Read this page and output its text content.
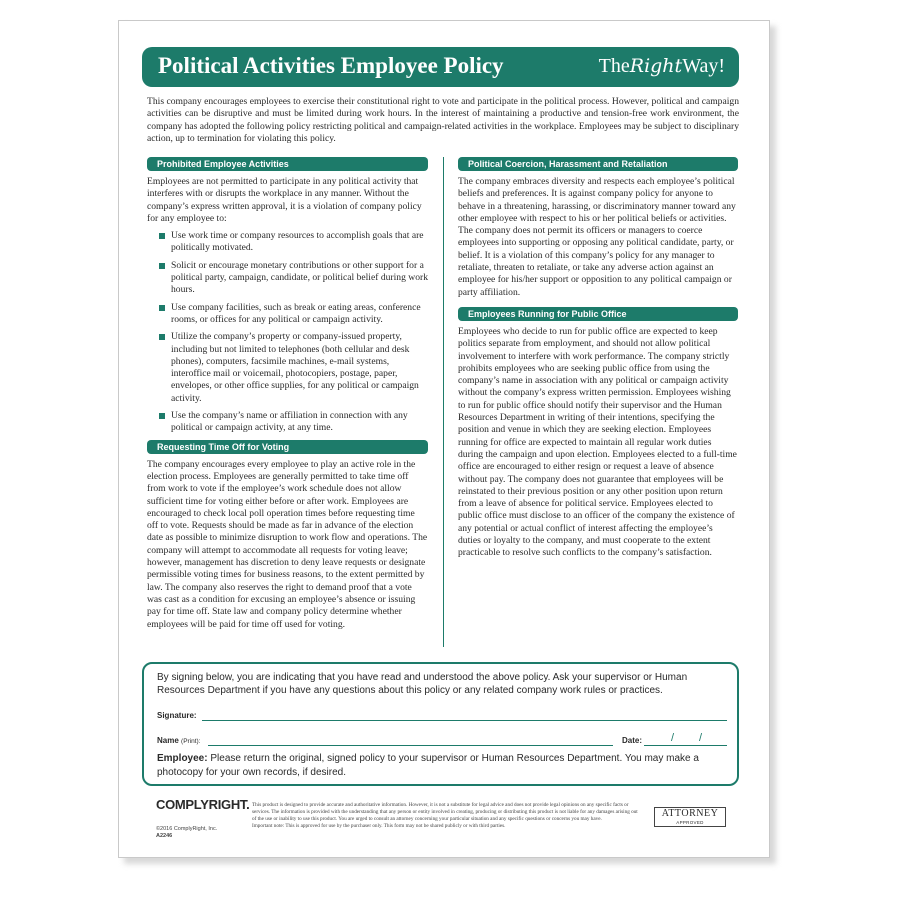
Political Activities Employee Policy	TheRightWay!
This company encourages employees to exercise their constitutional right to vote and participate in the political process. However, political and campaign activities can be disruptive and must be limited during work hours. In the interest of maintaining a productive and tension-free work environment, the company has adopted the following policy restricting political and campaign-related activities in the workplace. Employees may be subject to disciplinary action, up to termination for violating this policy.
Prohibited Employee Activities

Employees are not permitted to participate in any political activity that interferes with or disrupts the workplace in any manner. Without the company’s express written approval, it is a violation of company policy for any employee to:

Use work time or company resources to accomplish goals that are politically motivated.
Solicit or encourage monetary contributions or other support for a political party, campaign, candidate, or political belief during work hours.
Use company facilities, such as break or eating areas, conference rooms, or offices for any political or campaign activity.
Utilize the company’s property or company-issued property, including but not limited to telephones (both cellular and desk phones), computers, facsimile machines, e-mail systems, interoffice mail or voicemail, photocopiers, postage, paper, envelopes, or other office supplies, for any political or campaign activity.
Use the company’s name or affiliation in connection with any political or campaign activity, at any time.
Requesting Time Off for Voting

The company encourages every employee to play an active role in the election process. Employees are generally permitted to take time off from work to vote if the employee’s work schedule does not allow sufficient time for voting either before or after work. Employees are encouraged to check local poll operation times before requesting time off to vote. Requests should be made as far in advance of the election date as possible to minimize disruption to work flow and operations. The company will attempt to accommodate all requests for voting leave; however, management has discretion to deny leave requests or designate permissible voting times for business reasons, to the extent permitted by law. The company also reserves the right to demand proof that a vote was cast as a condition for excusing an employee’s absence or issuing pay for time off. State law and company policy determine whether employees will be paid for time off used for voting.

Political Coercion, Harassment and Retaliation

The company embraces diversity and respects each employee’s political beliefs and preferences. It is against company policy for anyone to behave in a threatening, harassing, or discriminatory manner toward any other employee with respect to his or her political beliefs or activities. The company does not permit its officers or managers to coerce employees into supporting or opposing any political candidate, party, or belief. It is a violation of this company’s policy for any manager to retaliate, threaten to retaliate, or take any adverse action against an employee for his/her support or opposition to any political campaign or party affiliation.

Employees Running for Public Office

Employees who decide to run for public office are expected to keep politics separate from employment, and should not allow political involvement to interfere with work performance. The company strictly prohibits employees who are seeking public office from using the company’s name in association with any political or campaign activity without the company’s express written permission. Employees wishing to run for public office should notify their supervisor and the Human Resources Department in writing of their intentions, specifying the position and venue in which they are seeking election. Employees running for office are expected to maintain all regular work duties during the campaign and upon election. Employees elected to a full-time office are encouraged to either resign or request a leave of absence without pay. The company does not guarantee that employees will be reinstated to their previous position or any other position upon return from a leave of absence for political service. Employees elected to public office must disclose to an officer of the company the existence of any potential or actual conflict of interest affecting the employee’s duties or loyalty to the company, and must cooperate to the extent practicable to resolve such conflicts to the company’s satisfaction.

By signing below, you are indicating that you have read and understood the above policy. Ask your supervisor or Human Resources Department if you have any questions about this policy or any related company work rules or practices.
Signature:
Name (Print):	Date:	/ /
Employee: Please return the original, signed policy to your supervisor or Human Resources Department. You may make a photocopy for your own records, if desired.
COMPLYRIGHT.
©2016 ComplyRight, Inc.
A2246
This product is designed to provide accurate and authoritative information. However, it is not a substitute for legal advice and does not provide legal opinions on any specific facts or services. The information is provided with the understanding that any person or entity involved in creating, producing or distributing this product is not liable for any damages arising out of the use or inability to use this product. You are urged to consult an attorney concerning your particular situation and any specific questions or concerns you may have.
Important note: This is approved for use by the purchaser only. This form may not be shared publicly or with third parties.
ATTORNEY
APPROVED
